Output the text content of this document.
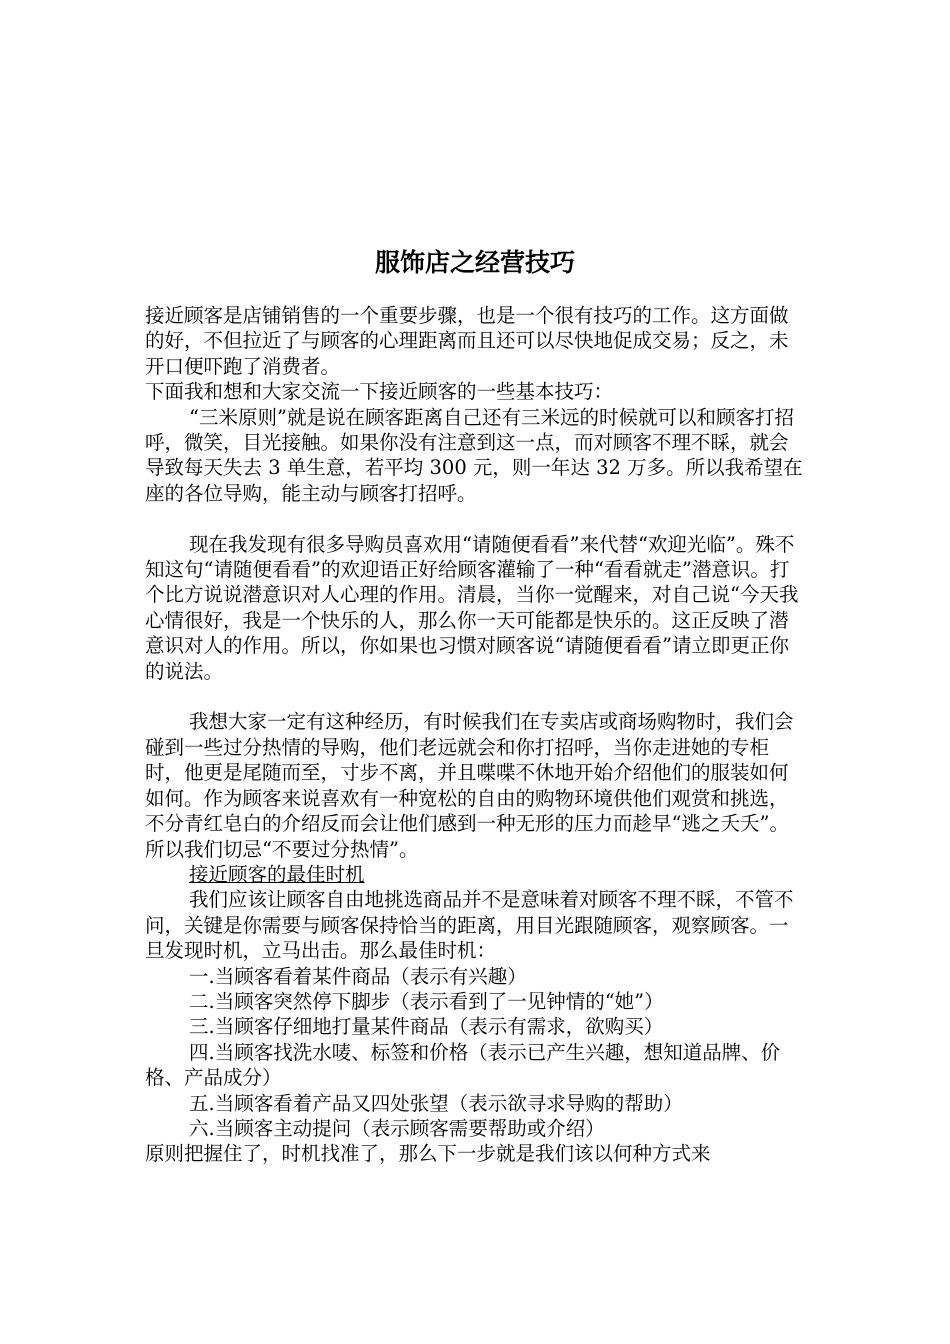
服饰店之经营技巧

接近顾客是店铺销售的一个重要步骤，也是一个很有技巧的工作。这方面做的好，不但拉近了与顾客的心理距离而且还可以尽快地促成交易；反之，未开口便吓跑了消费者。

下面我和想和大家交流一下接近顾客的一些基本技巧：

“三米原则”就是说在顾客距离自己还有三米远的时候就可以和顾客打招呼，微笑，目光接触。如果你没有注意到这一点，而对顾客不理不睬，就会导致每天失去 3 单生意，若平均 300 元，则一年达 32 万多。所以我希望在座的各位导购，能主动与顾客打招呼。

现在我发现有很多导购员喜欢用“请随便看看”来代替“欢迎光临”。殊不知这句“请随便看看”的欢迎语正好给顾客灌输了一种“看看就走”潜意识。打个比方说说潜意识对人心理的作用。清晨，当你一觉醒来，对自己说“今天我心情很好，我是一个快乐的人，那么你一天可能都是快乐的。这正反映了潜意识对人的作用。所以，你如果也习惯对顾客说“请随便看看”请立即更正你的说法。

我想大家一定有这种经历，有时候我们在专卖店或商场购物时，我们会碰到一些过分热情的导购，他们老远就会和你打招呼，当你走进她的专柜时，他更是尾随而至，寸步不离，并且喋喋不休地开始介绍他们的服装如何如何。作为顾客来说喜欢有一种宽松的自由的购物环境供他们观赏和挑选，不分青红皂白的介绍反而会让他们感到一种无形的压力而趁早“逃之夭夭”。所以我们切忌“不要过分热情”。

接近顾客的最佳时机

我们应该让顾客自由地挑选商品并不是意味着对顾客不理不睬，不管不问，关键是你需要与顾客保持恰当的距离，用目光跟随顾客，观察顾客。一旦发现时机，立马出击。那么最佳时机：

一.当顾客看着某件商品（表示有兴趣）

二.当顾客突然停下脚步（表示看到了一见钟情的“她”）

三.当顾客仔细地打量某件商品（表示有需求，欲购买）

四.当顾客找洗水唛、标签和价格（表示已产生兴趣，想知道品牌、价格、产品成分）

五.当顾客看着产品又四处张望（表示欲寻求导购的帮助）

六.当顾客主动提问（表示顾客需要帮助或介绍）

原则把握住了，时机找准了，那么下一步就是我们该以何种方式来
